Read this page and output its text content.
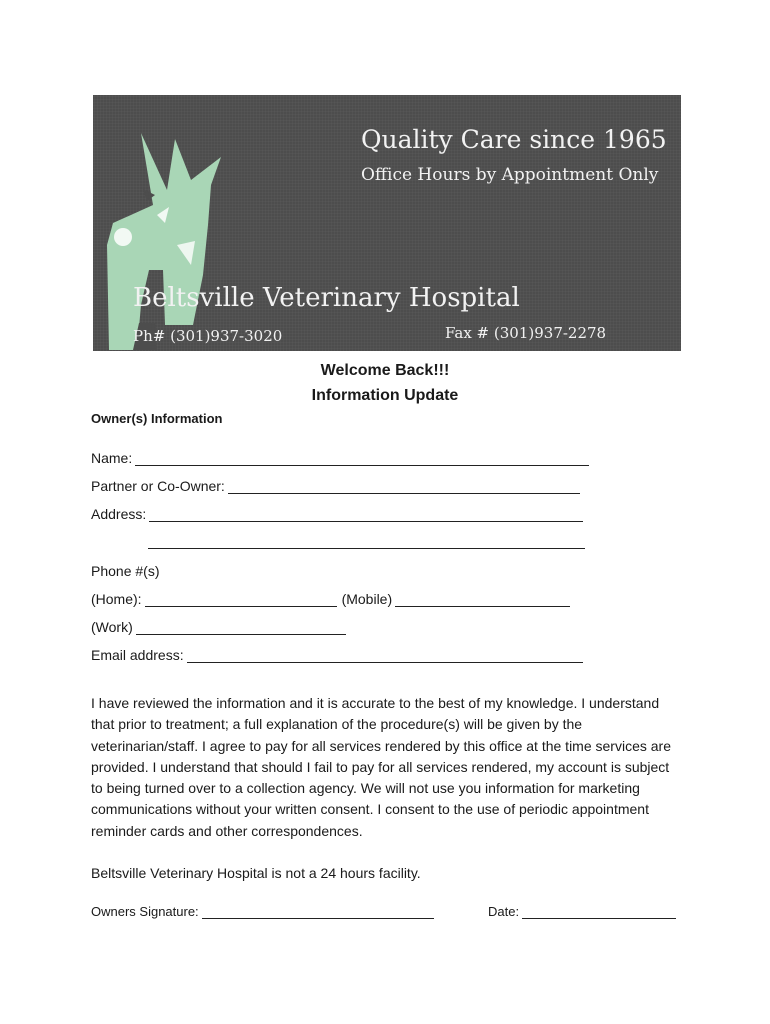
Quality Care since 1965
Office Hours by Appointment Only
Beltsville Veterinary Hospital
Ph# (301)937-3020	Fax # (301)937-2278
Welcome Back!!!
Information Update
Owner(s) Information
Name:
Partner or Co-Owner:
Address:
Phone #(s)
(Home):	(Mobile)
(Work)
Email address:
I have reviewed the information and it is accurate to the best of my knowledge. I understand that prior to treatment; a full explanation of the procedure(s) will be given by the veterinarian/staff. I agree to pay for all services rendered by this office at the time services are provided. I understand that should I fail to pay for all services rendered, my account is subject to being turned over to a collection agency. We will not use you information for marketing communications without your written consent. I consent to the use of periodic appointment reminder cards and other correspondences.
Beltsville Veterinary Hospital is not a 24 hours facility.
Owners Signature:	Date:
